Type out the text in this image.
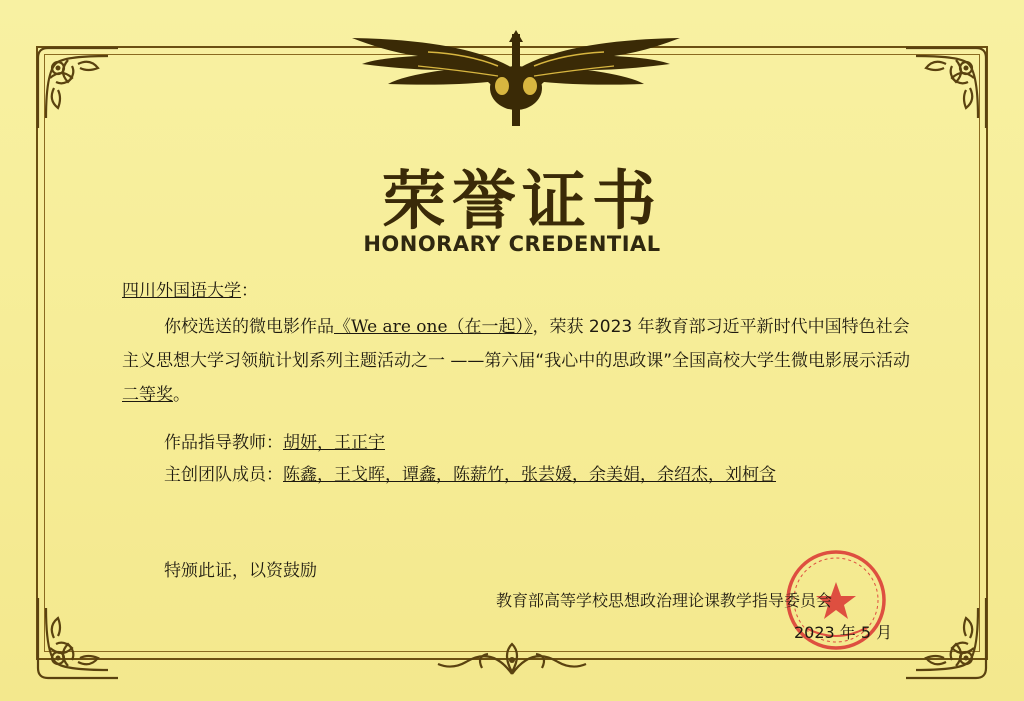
荣誉证书
HONORARY CREDENTIAL
四川外国语大学：
你校选送的微电影作品《We are one（在一起）》，荣获 2023 年教育部习近平新时代中国特色社会主义思想大学习领航计划系列主题活动之一 ——第六届“我心中的思政课”全国高校大学生微电影展示活动二等奖。
作品指导教师：胡妍，王正宇
主创团队成员：陈鑫，王戈晖，谭鑫，陈薪竹，张芸媛，余美娟，余绍杰，刘柯含
特颁此证，以资鼓励
教育部高等学校思想政治理论课教学指导委员会
2023 年 5 月
